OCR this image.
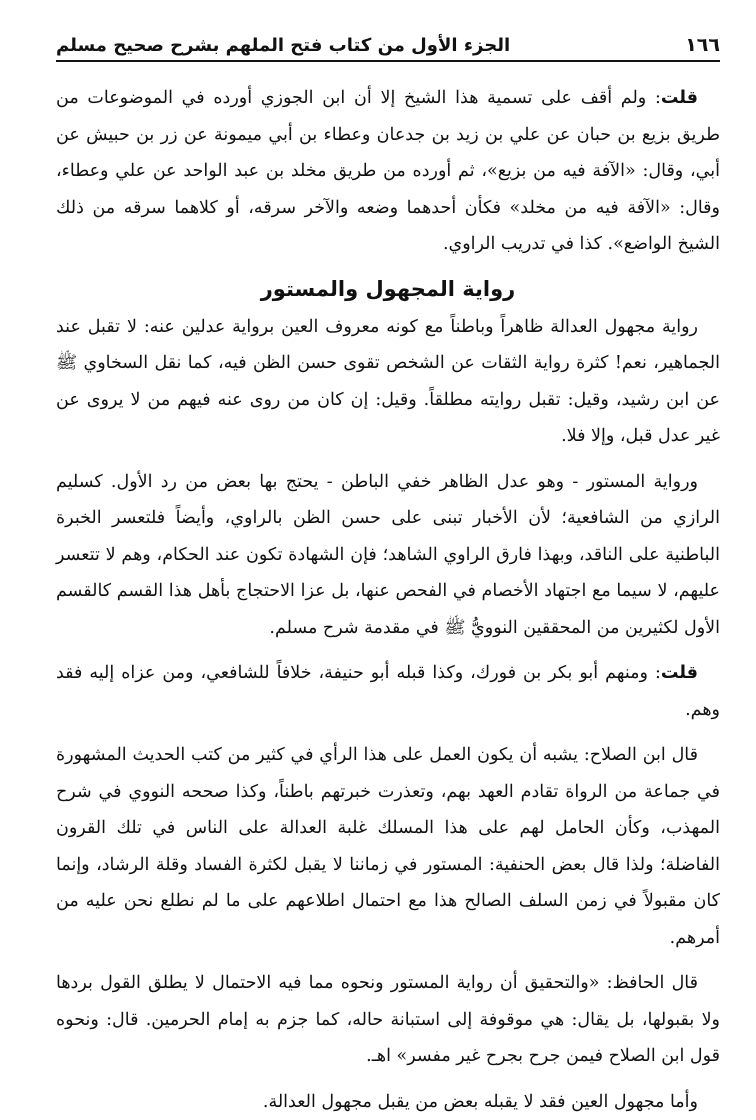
١٦٦
الجزء الأول من كتاب فتح الملهم بشرح صحيح مسلم

قلت: ولم أقف على تسمية هذا الشيخ إلا أن ابن الجوزي أورده في الموضوعات من طريق بزيع بن حبان عن علي بن زيد بن جدعان وعطاء بن أبي ميمونة عن زر بن حبيش عن أبي، وقال: «الآفة فيه من بزيع»، ثم أورده من طريق مخلد بن عبد الواحد عن علي وعطاء، وقال: «الآفة فيه من مخلد» فكأن أحدهما وضعه والآخر سرقه، أو كلاهما سرقه من ذلك الشيخ الواضع». كذا في تدريب الراوي.

رواية المجهول والمستور

رواية مجهول العدالة ظاهراً وباطناً مع كونه معروف العين برواية عدلين عنه: لا تقبل عند الجماهير، نعم! كثرة رواية الثقات عن الشخص تقوى حسن الظن فيه، كما نقل السخاوي ﷺ عن ابن رشيد، وقيل: تقبل روايته مطلقاً. وقيل: إن كان من روى عنه فيهم من لا يروى عن غير عدل قبل، وإلا فلا.

ورواية المستور - وهو عدل الظاهر خفي الباطن - يحتج بها بعض من رد الأول. كسليم الرازي من الشافعية؛ لأن الأخبار تبنى على حسن الظن بالراوي، وأيضاً فلتعسر الخبرة الباطنية على الناقد، وبهذا فارق الراوي الشاهد؛ فإن الشهادة تكون عند الحكام، وهم لا تتعسر عليهم، لا سيما مع اجتهاد الأخصام في الفحص عنها، بل عزا الاحتجاج بأهل هذا القسم كالقسم الأول لكثيرين من المحققين النوويُّ ﷺ في مقدمة شرح مسلم.

قلت: ومنهم أبو بكر بن فورك، وكذا قبله أبو حنيفة، خلافاً للشافعي، ومن عزاه إليه فقد وهم.

قال ابن الصلاح: يشبه أن يكون العمل على هذا الرأي في كثير من كتب الحديث المشهورة في جماعة من الرواة تقادم العهد بهم، وتعذرت خبرتهم باطناً، وكذا صححه النووي في شرح المهذب، وكأن الحامل لهم على هذا المسلك غلبة العدالة على الناس في تلك القرون الفاضلة؛ ولذا قال بعض الحنفية: المستور في زماننا لا يقبل لكثرة الفساد وقلة الرشاد، وإنما كان مقبولاً في زمن السلف الصالح هذا مع احتمال اطلاعهم على ما لم نطلع نحن عليه من أمرهم.

قال الحافظ: «والتحقيق أن رواية المستور ونحوه مما فيه الاحتمال لا يطلق القول بردها ولا بقبولها، بل يقال: هي موقوفة إلى استبانة حاله، كما جزم به إمام الحرمين. قال: ونحوه قول ابن الصلاح فيمن جرح بجرح غير مفسر» اهـ.

وأما مجهول العين فقد لا يقبله بعض من يقبل مجهول العدالة.
